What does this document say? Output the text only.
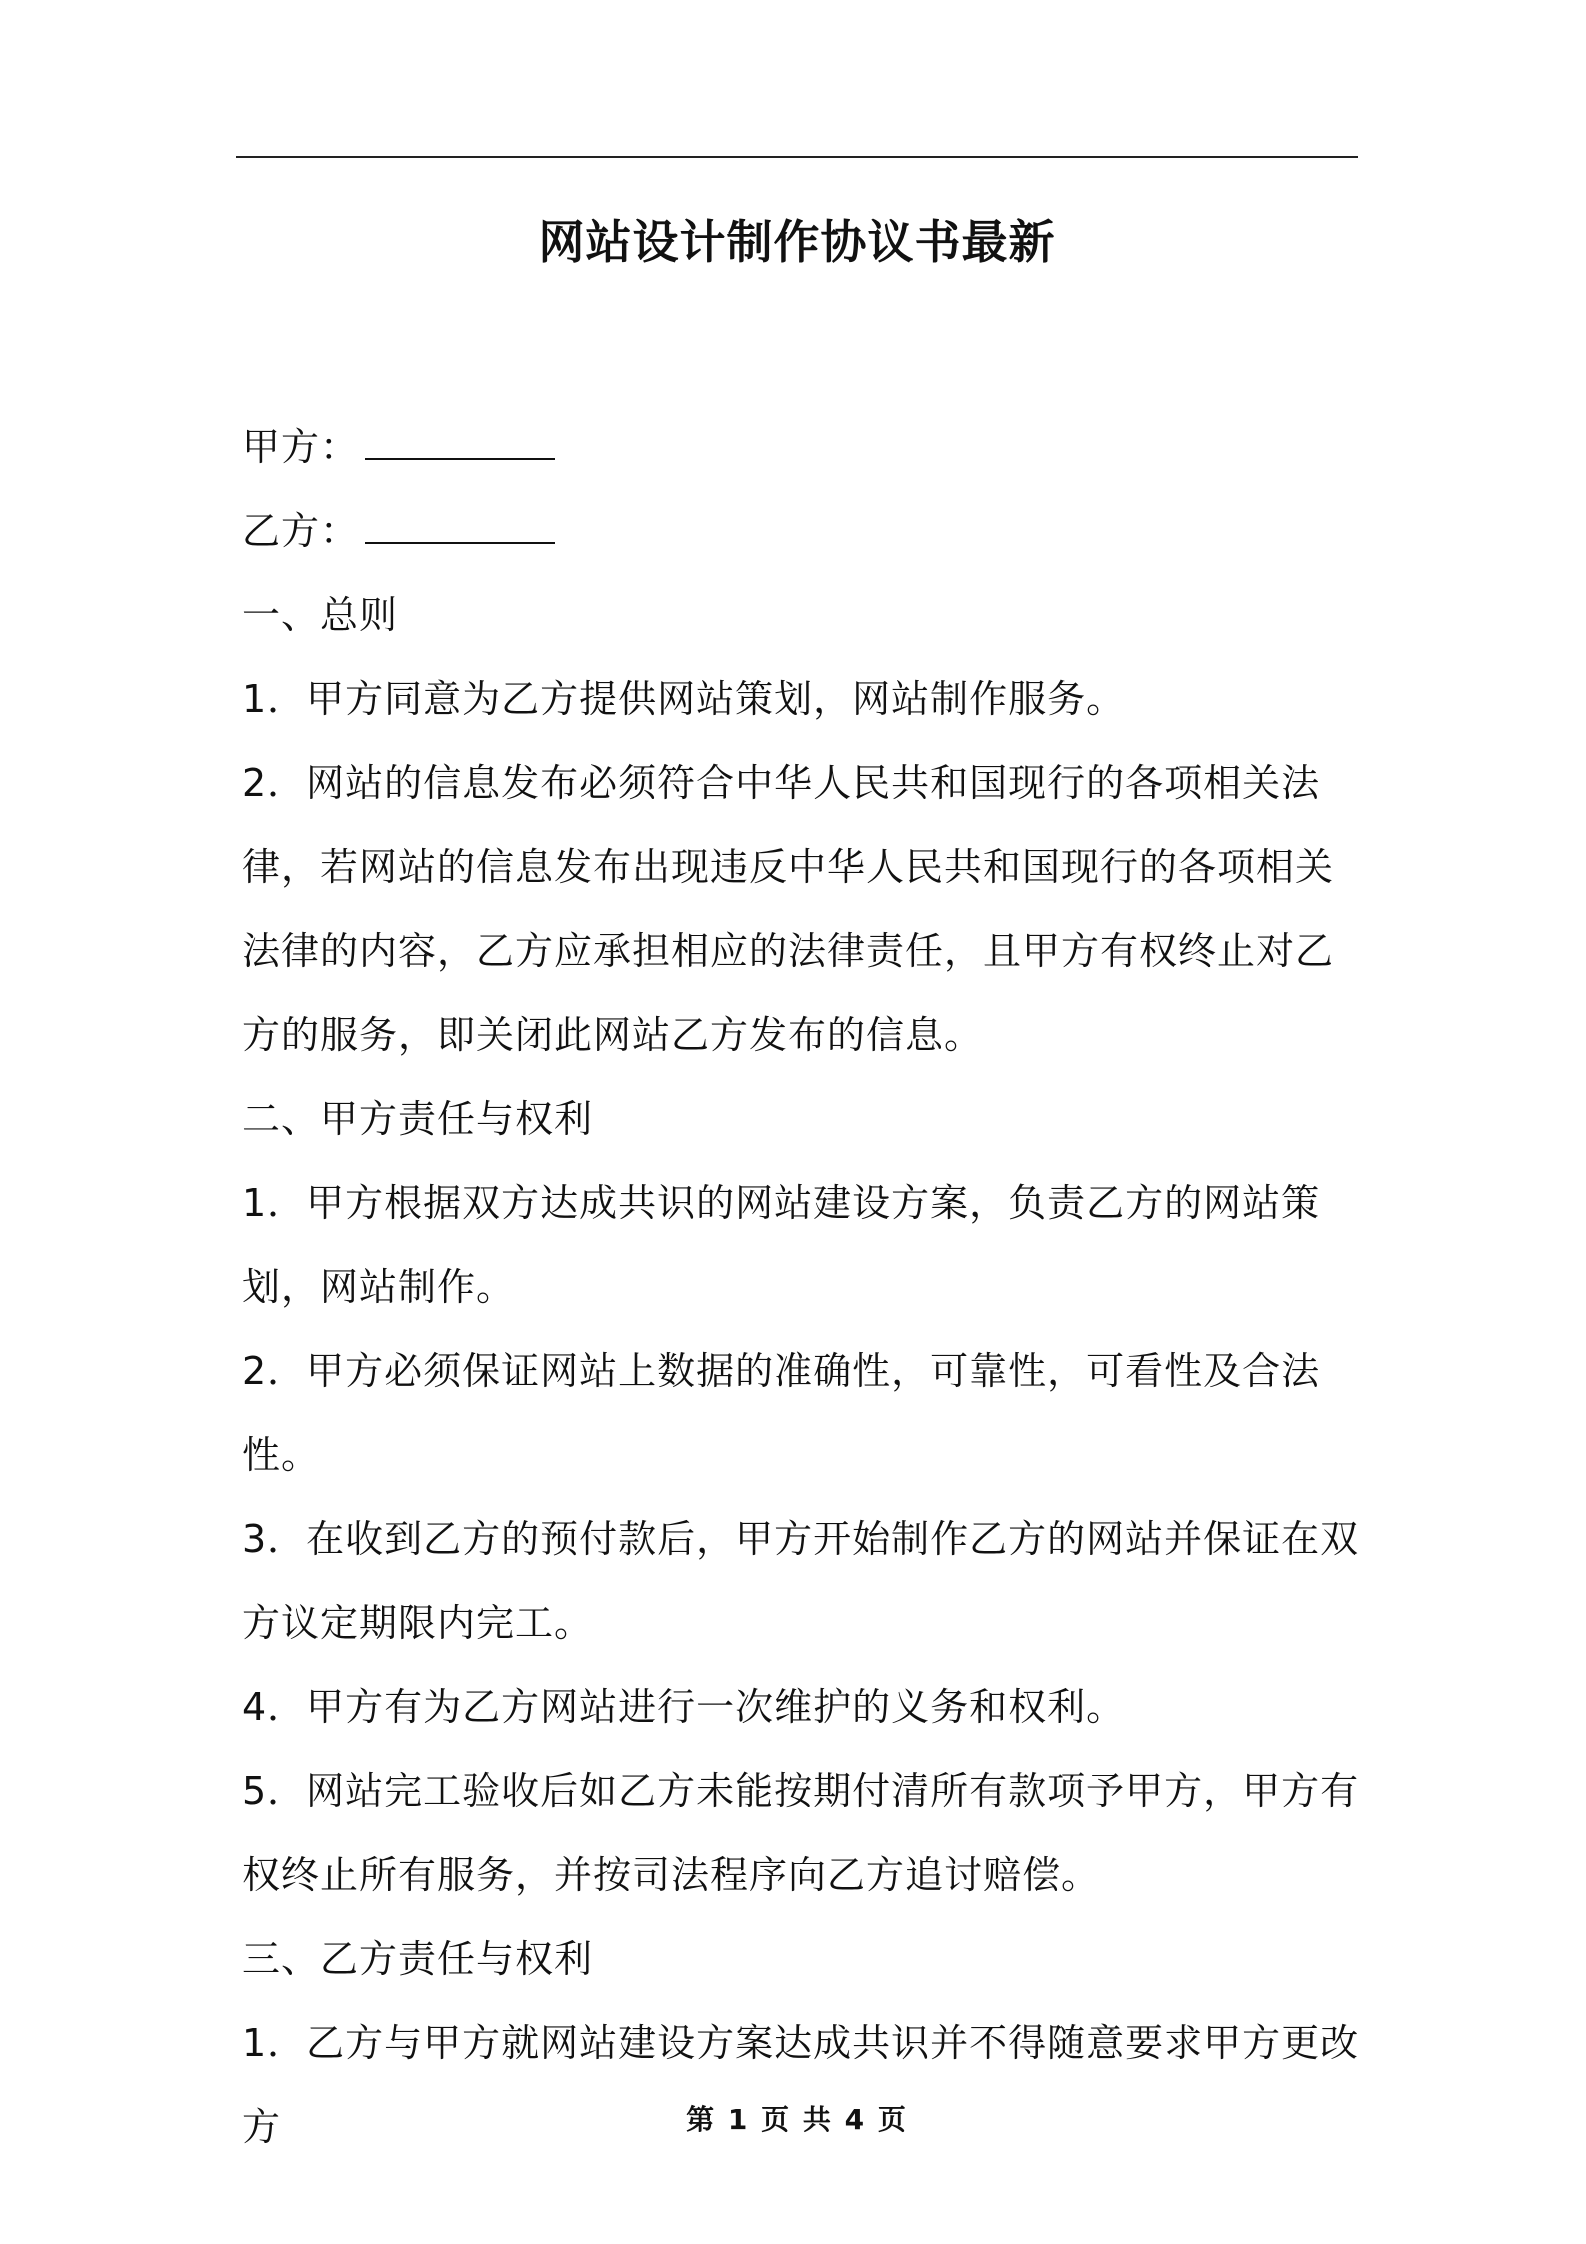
网站设计制作协议书最新

甲方：

乙方：

一、总则

1．甲方同意为乙方提供网站策划，网站制作服务。

2．网站的信息发布必须符合中华人民共和国现行的各项相关法律，若网站的信息发布出现违反中华人民共和国现行的各项相关法律的内容，乙方应承担相应的法律责任，且甲方有权终止对乙方的服务，即关闭此网站乙方发布的信息。

二、甲方责任与权利

1．甲方根据双方达成共识的网站建设方案，负责乙方的网站策划，网站制作。

2．甲方必须保证网站上数据的准确性，可靠性，可看性及合法性。

3．在收到乙方的预付款后，甲方开始制作乙方的网站并保证在双方议定期限内完工。

4．甲方有为乙方网站进行一次维护的义务和权利。

5．网站完工验收后如乙方未能按期付清所有款项予甲方，甲方有权终止所有服务，并按司法程序向乙方追讨赔偿。

三、乙方责任与权利

1．乙方与甲方就网站建设方案达成共识并不得随意要求甲方更改方	第 1 页 共 4 页
